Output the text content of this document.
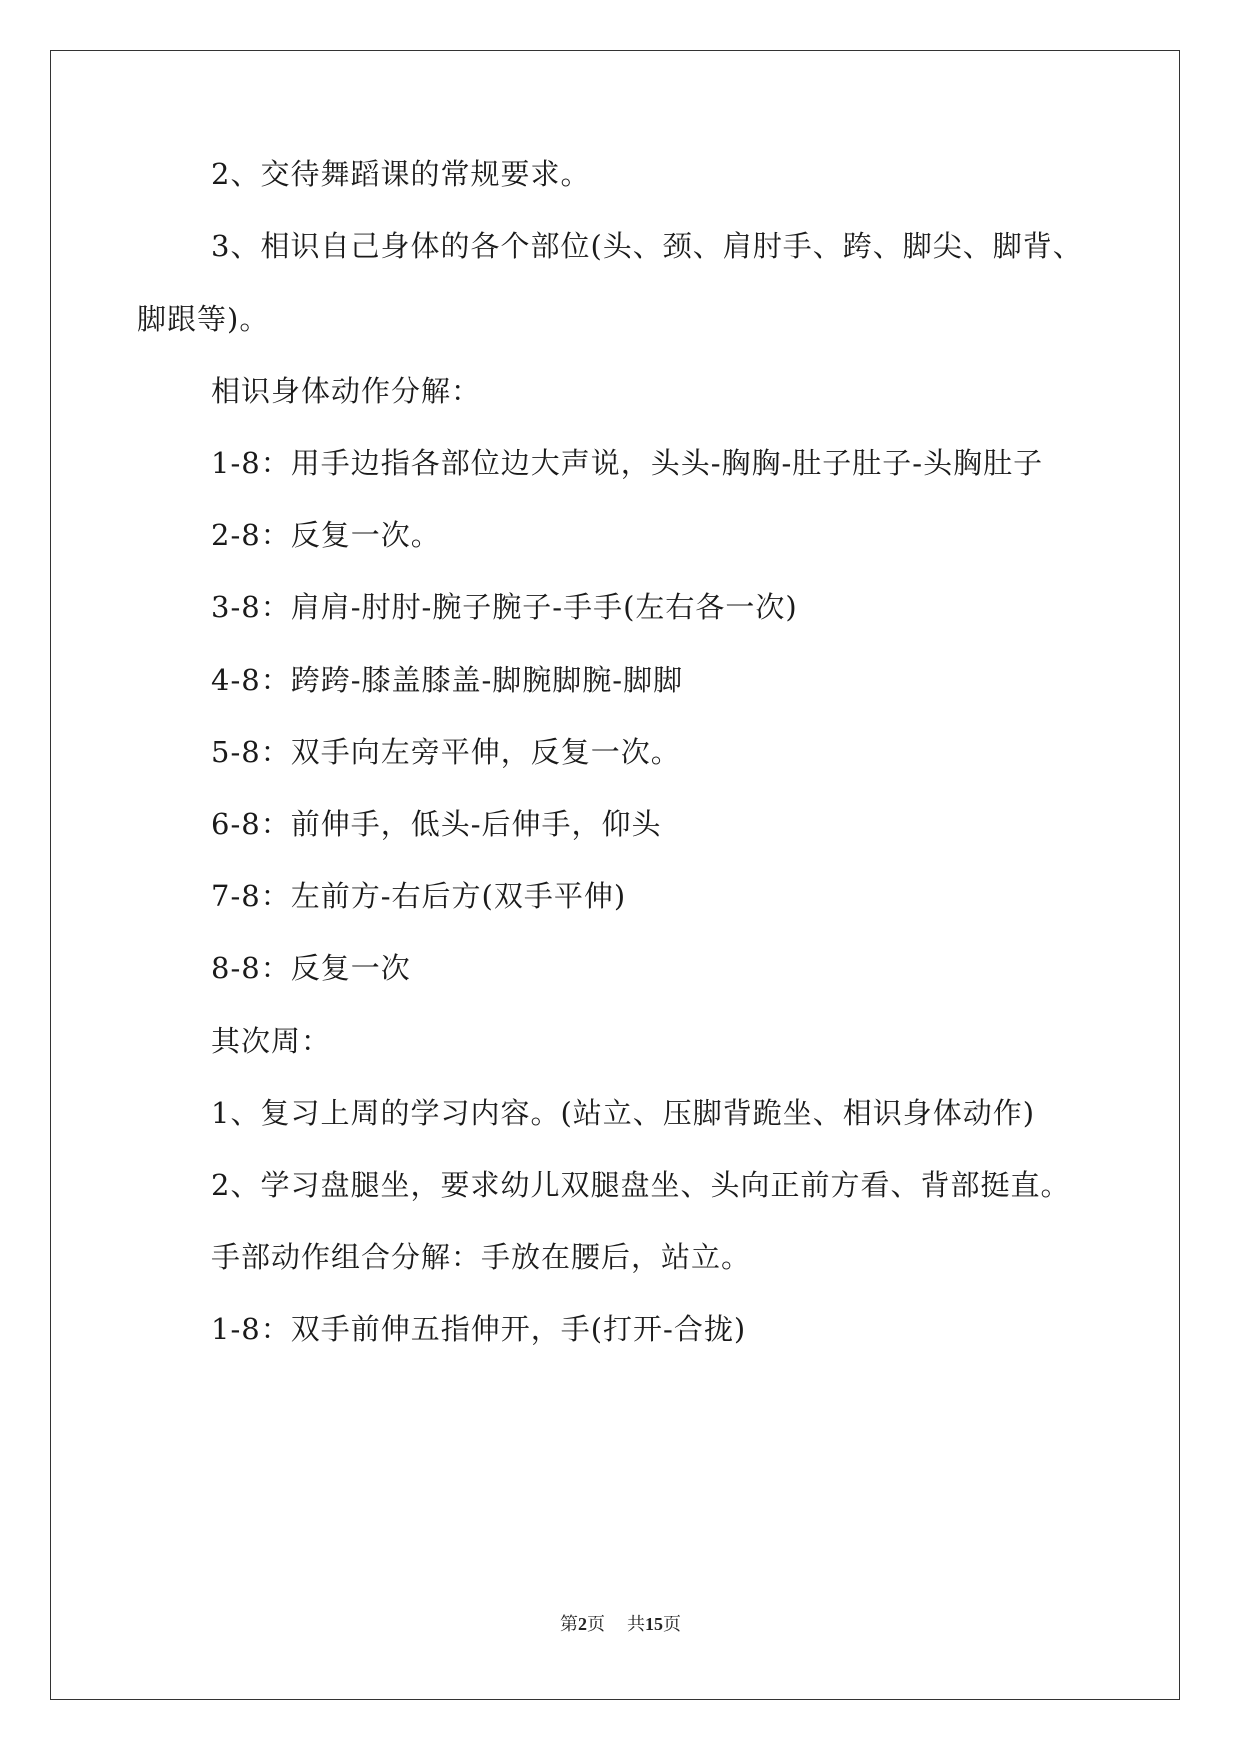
2、交待舞蹈课的常规要求。
3、相识自己身体的各个部位(头、颈、肩肘手、跨、脚尖、脚背、
脚跟等)。
相识身体动作分解：
1-8：用手边指各部位边大声说，头头-胸胸-肚子肚子-头胸肚子
2-8：反复一次。
3-8：肩肩-肘肘-腕子腕子-手手(左右各一次)
4-8：跨跨-膝盖膝盖-脚腕脚腕-脚脚
5-8：双手向左旁平伸，反复一次。
6-8：前伸手，低头-后伸手，仰头
7-8：左前方-右后方(双手平伸)
8-8：反复一次
其次周：
1、复习上周的学习内容。(站立、压脚背跪坐、相识身体动作)
2、学习盘腿坐，要求幼儿双腿盘坐、头向正前方看、背部挺直。
手部动作组合分解：手放在腰后，站立。
1-8：双手前伸五指伸开，手(打开-合拢)
第2页 共15页
